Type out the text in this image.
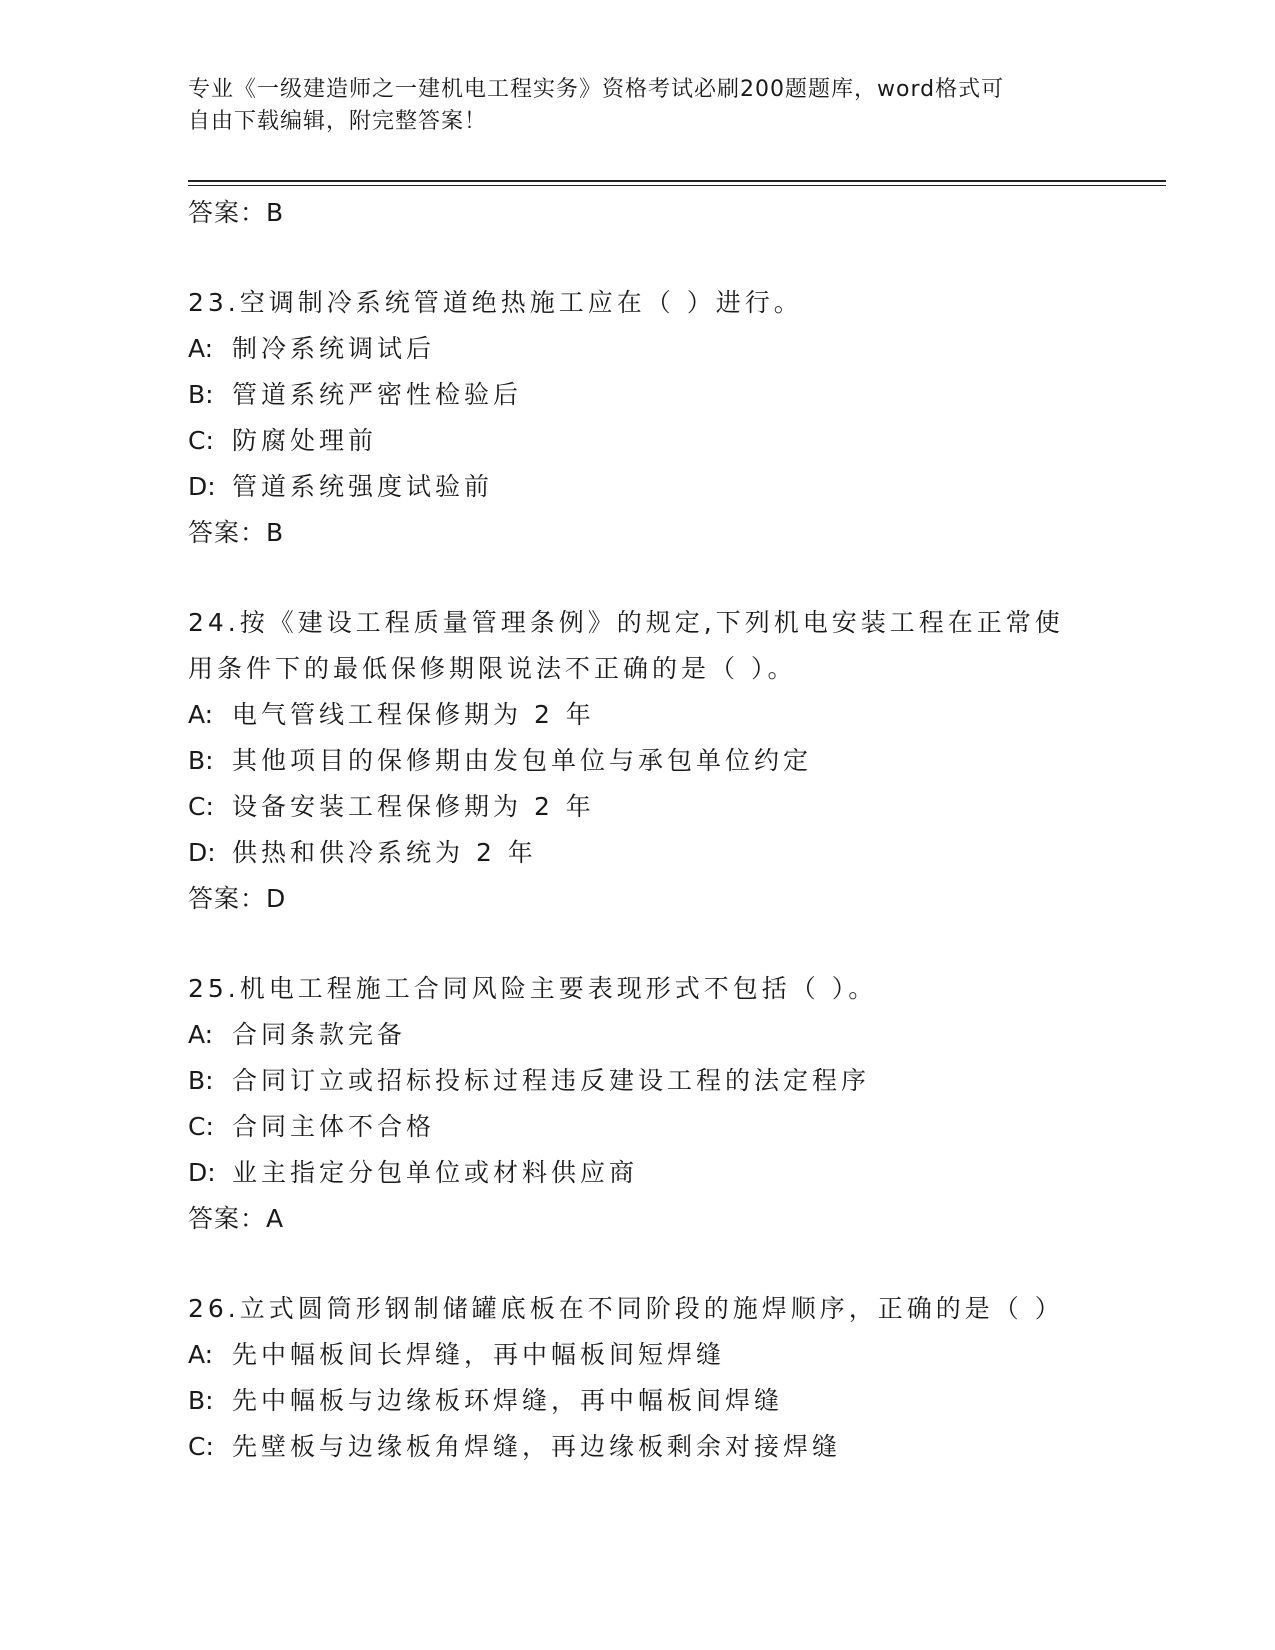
专业《一级建造师之一建机电工程实务》资格考试必刷200题题库，word格式可
自由下载编辑，附完整答案！
答案：B
23.空调制冷系统管道绝热施工应在（ ）进行。
A: 制冷系统调试后
B: 管道系统严密性检验后
C: 防腐处理前
D: 管道系统强度试验前
答案：B
24.按《建设工程质量管理条例》的规定,下列机电安装工程在正常使
用条件下的最低保修期限说法不正确的是（ ）。
A: 电气管线工程保修期为 2 年
B: 其他项目的保修期由发包单位与承包单位约定
C: 设备安装工程保修期为 2 年
D: 供热和供冷系统为 2 年
答案：D
25.机电工程施工合同风险主要表现形式不包括（ ）。
A: 合同条款完备
B: 合同订立或招标投标过程违反建设工程的法定程序
C: 合同主体不合格
D: 业主指定分包单位或材料供应商
答案：A
26.立式圆筒形钢制储罐底板在不同阶段的施焊顺序，正确的是（ ）
A: 先中幅板间长焊缝，再中幅板间短焊缝
B: 先中幅板与边缘板环焊缝，再中幅板间焊缝
C: 先壁板与边缘板角焊缝，再边缘板剩余对接焊缝
